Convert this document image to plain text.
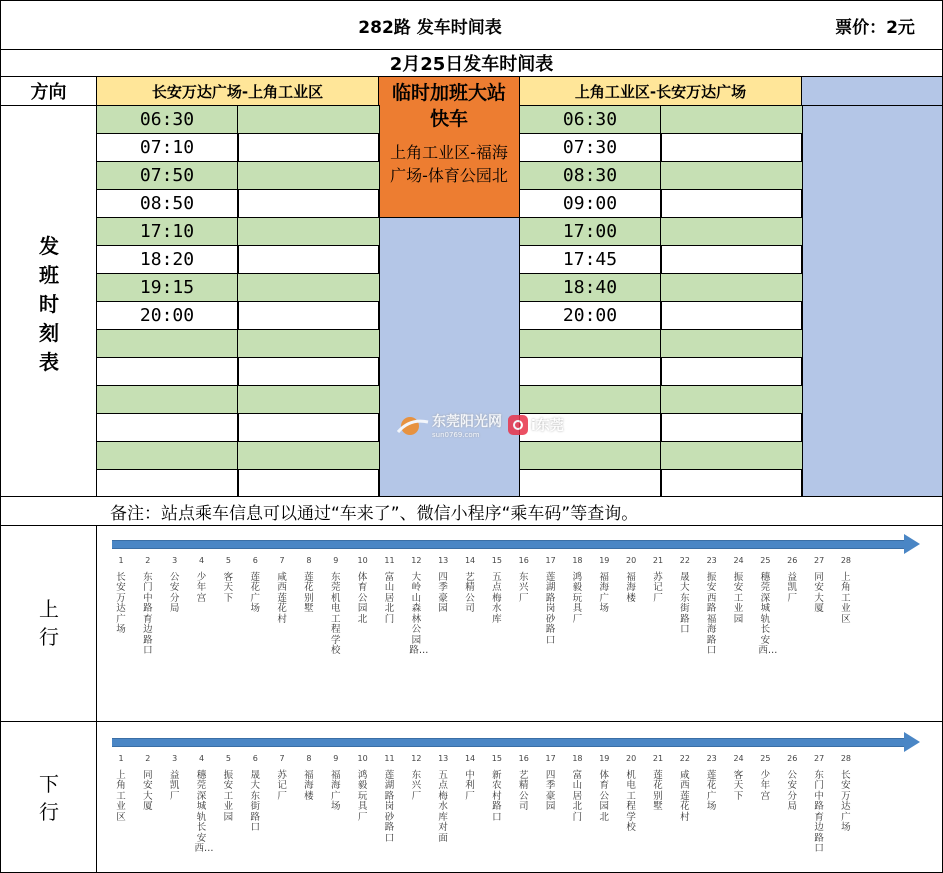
282路 发车时间表	票价：2元
2月25日发车时间表
方向	长安万达广场-上角工业区	上角工业区-长安万达广场
发班时刻表
临时加班大站快车
上角工业区-福海广场-体育公园北
06:30	06:30
07:10	07:30
07:50	08:30
08:50	09:00
17:10	17:00
18:20	17:45
19:15	18:40
20:00	20:00
备注：站点乘车信息可以通过“车来了”、微信小程序“乘车码”等查询。
上行
1
长安万达广场
2
东门中路育边路口
3
公安分局
4
少年宫
5
客天下
6
莲花广场
7
咸西莲花村
8
莲花别墅
9
东莞机电工程学校
10
体育公园北
11
富山居北门
12
大岭山森林公园路…
13
四季豪园
14
艺精公司
15
五点梅水库
16
东兴厂
17
莲湖路岗砂路口
18
鸿毅玩具厂
19
福海广场
20
福海楼
21
苏记厂
22
晟大东街路口
23
振安西路福海路口
24
振安工业园
25
穗莞深城轨长安西…
26
益凯厂
27
同安大厦
28
上角工业区
下行
1
上角工业区
2
同安大厦
3
益凯厂
4
穗莞深城轨长安西…
5
振安工业园
6
晟大东街路口
7
苏记厂
8
福海楼
9
福海广场
10
鸿毅玩具厂
11
莲湖路岗砂路口
12
东兴厂
13
五点梅水库对面
14
中利厂
15
新农村路口
16
艺精公司
17
四季豪园
18
富山居北门
19
体育公园北
20
机电工程学校
21
莲花别墅
22
咸西莲花村
23
莲花广场
24
客天下
25
少年宫
26
公安分局
27
东门中路育边路口
28
长安万达广场
东莞阳光网
sun0769.com
i东莞
